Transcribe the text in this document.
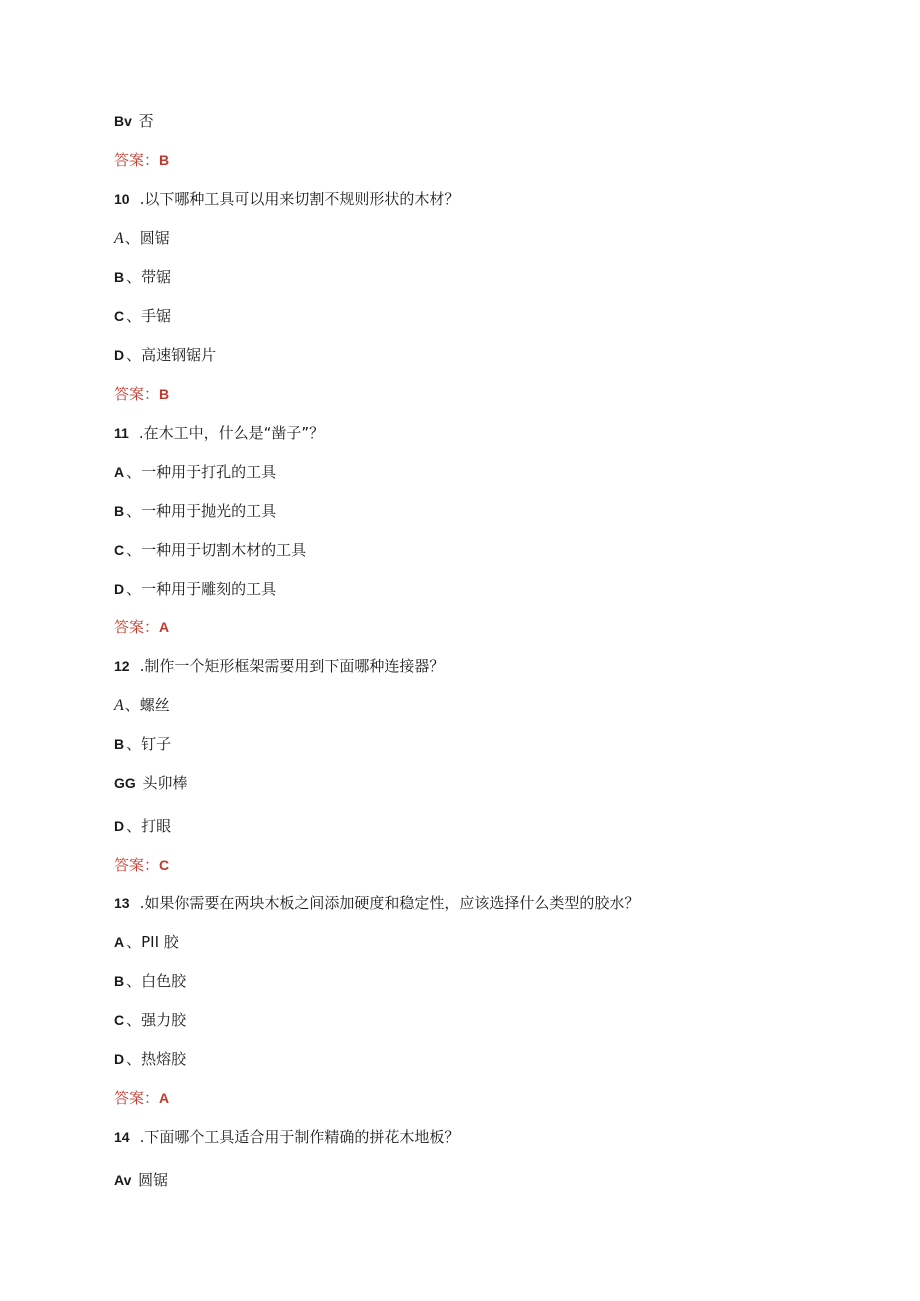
Bv 否
答案：B
10 .以下哪种工具可以用来切割不规则形状的木材？
A、圆锯
B 、带锯
C 、手锯
D 、高速钢锯片
答案：B
11 .在木工中，什么是“凿子”？
A 、一种用于打孔的工具
B 、一种用于抛光的工具
C 、一种用于切割木材的工具
D 、一种用于雕刻的工具
答案：A
12 .制作一个矩形框架需要用到下面哪种连接器？
A、螺丝
B 、钉子
GG 头卯棒
D 、打眼
答案：C
13 .如果你需要在两块木板之间添加硬度和稳定性，应该选择什么类型的胶水？
A 、PII 胶
B 、白色胶
C 、强力胶
D 、热熔胶
答案：A
14 .下面哪个工具适合用于制作精确的拼花木地板？
Av 圆锯
